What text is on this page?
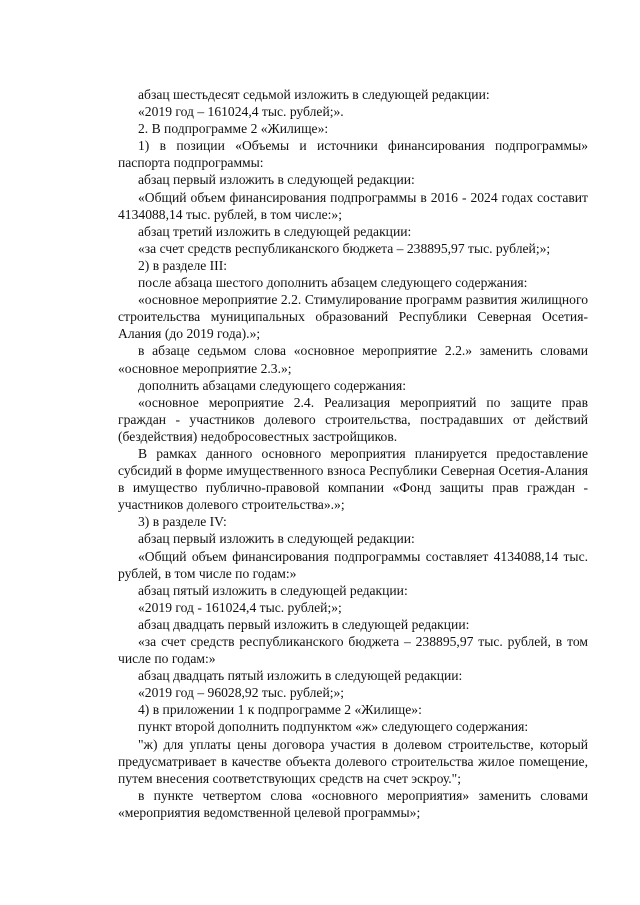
абзац шестьдесят седьмой изложить в следующей редакции:

«2019 год – 161024,4 тыс. рублей;».

2. В подпрограмме 2 «Жилище»:

1) в позиции «Объемы и источники финансирования подпрограммы» паспорта подпрограммы:

абзац первый изложить в следующей редакции:

«Общий объем финансирования подпрограммы в 2016 - 2024 годах составит 4134088,14 тыс. рублей, в том числе:»;

абзац третий изложить в следующей редакции:

«за счет средств республиканского бюджета – 238895,97 тыс. рублей;»;

2) в разделе III:

после абзаца шестого дополнить абзацем следующего содержания:

«основное мероприятие 2.2. Стимулирование программ развития жилищного строительства муниципальных образований Республики Северная Осетия-Алания (до 2019 года).»;

в абзаце седьмом слова «основное мероприятие 2.2.» заменить словами «основное мероприятие 2.3.»;

дополнить абзацами следующего содержания:

«основное мероприятие 2.4. Реализация мероприятий по защите прав граждан - участников долевого строительства, пострадавших от действий (бездействия) недобросовестных застройщиков.

В рамках данного основного мероприятия планируется предоставление субсидий в форме имущественного взноса Республики Северная Осетия-Алания в имущество публично-правовой компании «Фонд защиты прав граждан - участников долевого строительства».»;

3) в разделе IV:

абзац первый изложить в следующей редакции:

«Общий объем финансирования подпрограммы составляет 4134088,14 тыс. рублей, в том числе по годам:»

абзац пятый изложить в следующей редакции:

«2019 год - 161024,4 тыс. рублей;»;

абзац двадцать первый изложить в следующей редакции:

«за счет средств республиканского бюджета – 238895,97 тыс. рублей, в том числе по годам:»

абзац двадцать пятый изложить в следующей редакции:

«2019 год – 96028,92 тыс. рублей;»;

4) в приложении 1 к подпрограмме 2 «Жилище»:

пункт второй дополнить подпунктом «ж» следующего содержания:

"ж) для уплаты цены договора участия в долевом строительстве, который предусматривает в качестве объекта долевого строительства жилое помещение, путем внесения соответствующих средств на счет эскроу.";

в пункте четвертом слова «основного мероприятия» заменить словами «мероприятия ведомственной целевой программы»;
